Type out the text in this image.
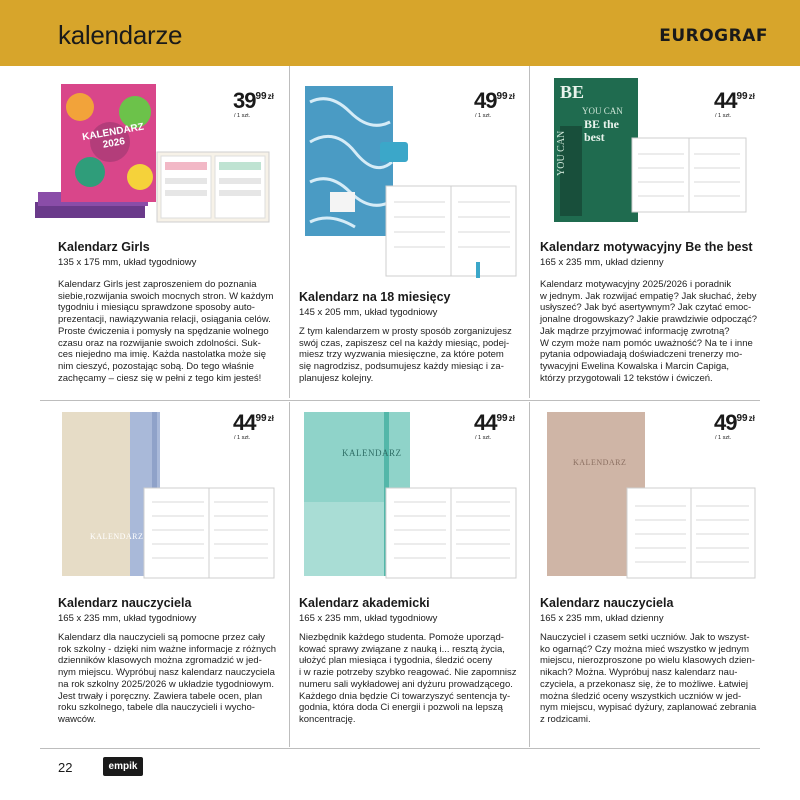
kalendarze	EUROGRAF
KALENDARZ 2026
$39^{99zł}$
/ 1 szt.
Kalendarz Girls
135 x 175 mm, układ tygodniowy
Kalendarz Girls jest zaproszeniem do poznania
siebie,rozwijania swoich mocnych stron. W każdym
tygodniu i miesiącu sprawdzone sposoby auto-
prezentacji, nawiązywania relacji, osiągania celów.
Proste ćwiczenia i pomysły na spędzanie wolnego
czasu oraz na rozwijanie swoich zdolności. Suk-
ces niejedno ma imię. Każda nastolatka może się
nim cieszyć, pozostając sobą. Do tego właśnie
zachęcamy – ciesz się w pełni z tego kim jesteś!
$49^{99zł}$
/ 1 szt.
Kalendarz na 18 miesięcy
145 x 205 mm, układ tygodniowy
Z tym kalendarzem w prosty sposób zorganizujesz
swój czas, zapiszesz cel na każdy miesiąc, podej-
miesz trzy wyzwania miesięczne, za które potem
się nagrodzisz, podsumujesz każdy miesiąc i za-
planujesz kolejny.
BE
YOU CAN
BE the best
YOU CAN
$44^{99zł}$
/ 1 szt.
Kalendarz motywacyjny Be the best
165 x 235 mm, układ dzienny
Kalendarz motywacyjny 2025/2026 i poradnik
w jednym. Jak rozwijać empatię? Jak słuchać, żeby
usłyszeć? Jak być asertywnym? Jak czytać emoc-
jonalne drogowskazy? Jakie prawdziwie odpocząć?
Jak mądrze przyjmować informację zwrotną?
W czym może nam pomóc uważność? Na te i inne
pytania odpowiadają doświadczeni trenerzy mo-
tywacyjni Ewelina Kowalska i Marcin Capiga,
którzy przygotowali 12 tekstów i ćwiczeń.
KALENDARZ
$44^{99zł}$
/ 1 szt.
Kalendarz nauczyciela
165 x 235 mm, układ tygodniowy
Kalendarz dla nauczycieli są pomocne przez cały
rok szkolny - dzięki nim ważne informacje z różnych
dzienników klasowych można zgromadzić w jed-
nym miejscu. Wypróbuj nasz kalendarz nauczyciela
na rok szkolny 2025/2026 w układzie tygodniowym.
Jest trwały i poręczny. Zawiera tabele ocen, plan
roku szkolnego, tabele dla nauczycieli i wycho-
wawców.
KALENDARZ
$44^{99zł}$
/ 1 szt.
Kalendarz akademicki
165 x 235 mm, układ tygodniowy
Niezbędnik każdego studenta. Pomoże uporząd-
kować sprawy związane z nauką i... resztą życia,
ułożyć plan miesiąca i tygodnia, śledzić oceny
i w razie potrzeby szybko reagować. Nie zapomnisz
numeru sali wykładowej ani dyżuru prowadzącego.
Każdego dnia będzie Ci towarzyszyć sentencja ty-
godnia, która doda Ci energii i pozwoli na lepszą
koncentrację.
KALENDARZ
$49^{99zł}$
/ 1 szt.
Kalendarz nauczyciela
165 x 235 mm, układ dzienny
Nauczyciel i czasem setki uczniów. Jak to wszyst-
ko ogarnąć? Czy można mieć wszystko w jednym
miejscu, nierozproszone po wielu klasowych dzien-
nikach? Można. Wypróbuj nasz kalendarz nau-
czyciela, a przekonasz się, że to możliwe. Łatwiej
można śledzić oceny wszystkich uczniów w jed-
nym miejscu, wypisać dyżury, zaplanować zebrania
z rodzicami.
22	empik
